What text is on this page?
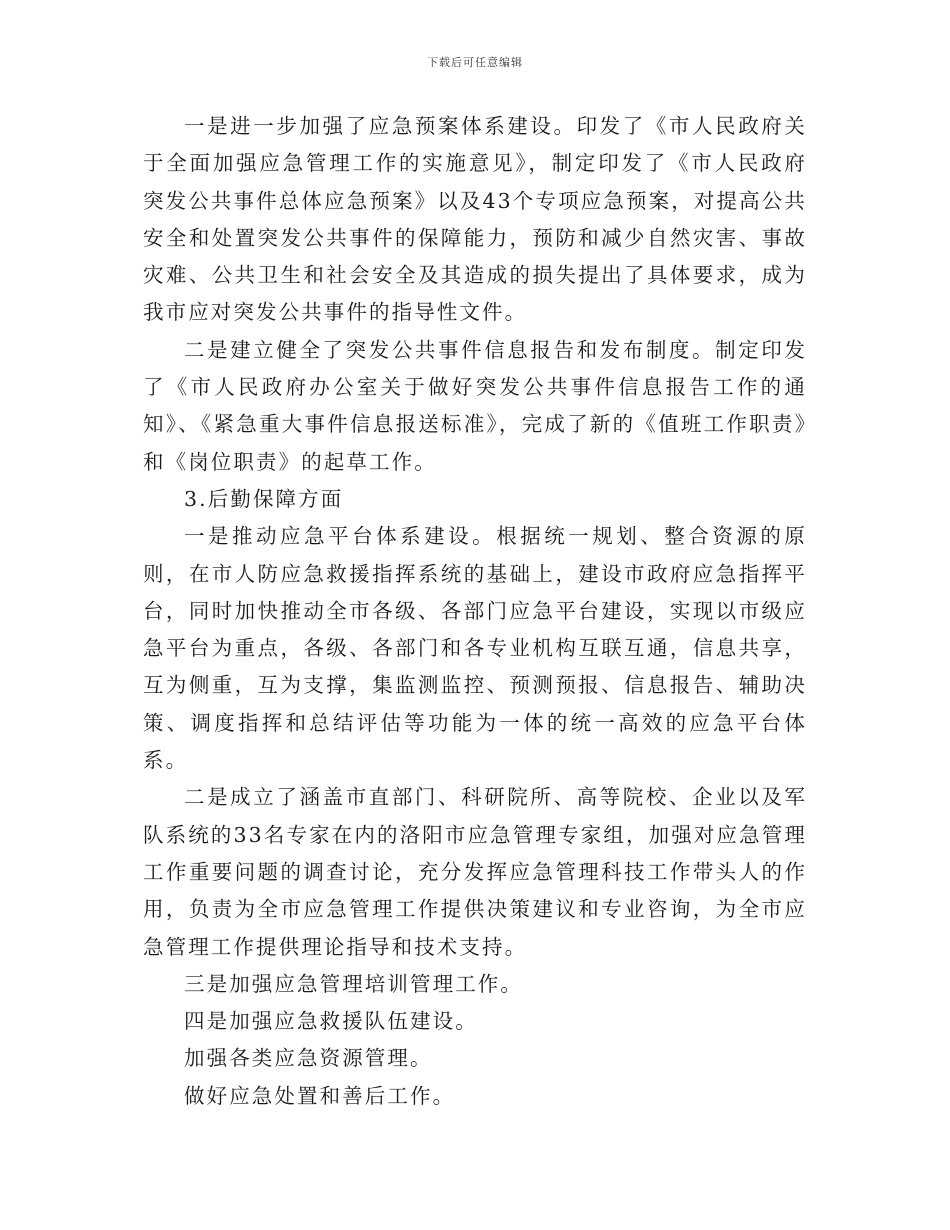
下载后可任意编辑

一是进一步加强了应急预案体系建设。印发了《市人民政府关于全面加强应急管理工作的实施意见》，制定印发了《市人民政府突发公共事件总体应急预案》以及43个专项应急预案，对提高公共安全和处置突发公共事件的保障能力，预防和减少自然灾害、事故灾难、公共卫生和社会安全及其造成的损失提出了具体要求，成为我市应对突发公共事件的指导性文件。

二是建立健全了突发公共事件信息报告和发布制度。制定印发了《市人民政府办公室关于做好突发公共事件信息报告工作的通知》、《紧急重大事件信息报送标准》，完成了新的《值班工作职责》和《岗位职责》的起草工作。

3.后勤保障方面

一是推动应急平台体系建设。根据统一规划、整合资源的原则，在市人防应急救援指挥系统的基础上，建设市政府应急指挥平台，同时加快推动全市各级、各部门应急平台建设，实现以市级应急平台为重点，各级、各部门和各专业机构互联互通，信息共享，互为侧重，互为支撑，集监测监控、预测预报、信息报告、辅助决策、调度指挥和总结评估等功能为一体的统一高效的应急平台体系。

二是成立了涵盖市直部门、科研院所、高等院校、企业以及军队系统的33名专家在内的洛阳市应急管理专家组，加强对应急管理工作重要问题的调查讨论，充分发挥应急管理科技工作带头人的作用，负责为全市应急管理工作提供决策建议和专业咨询，为全市应急管理工作提供理论指导和技术支持。

三是加强应急管理培训管理工作。

四是加强应急救援队伍建设。

加强各类应急资源管理。

做好应急处置和善后工作。
